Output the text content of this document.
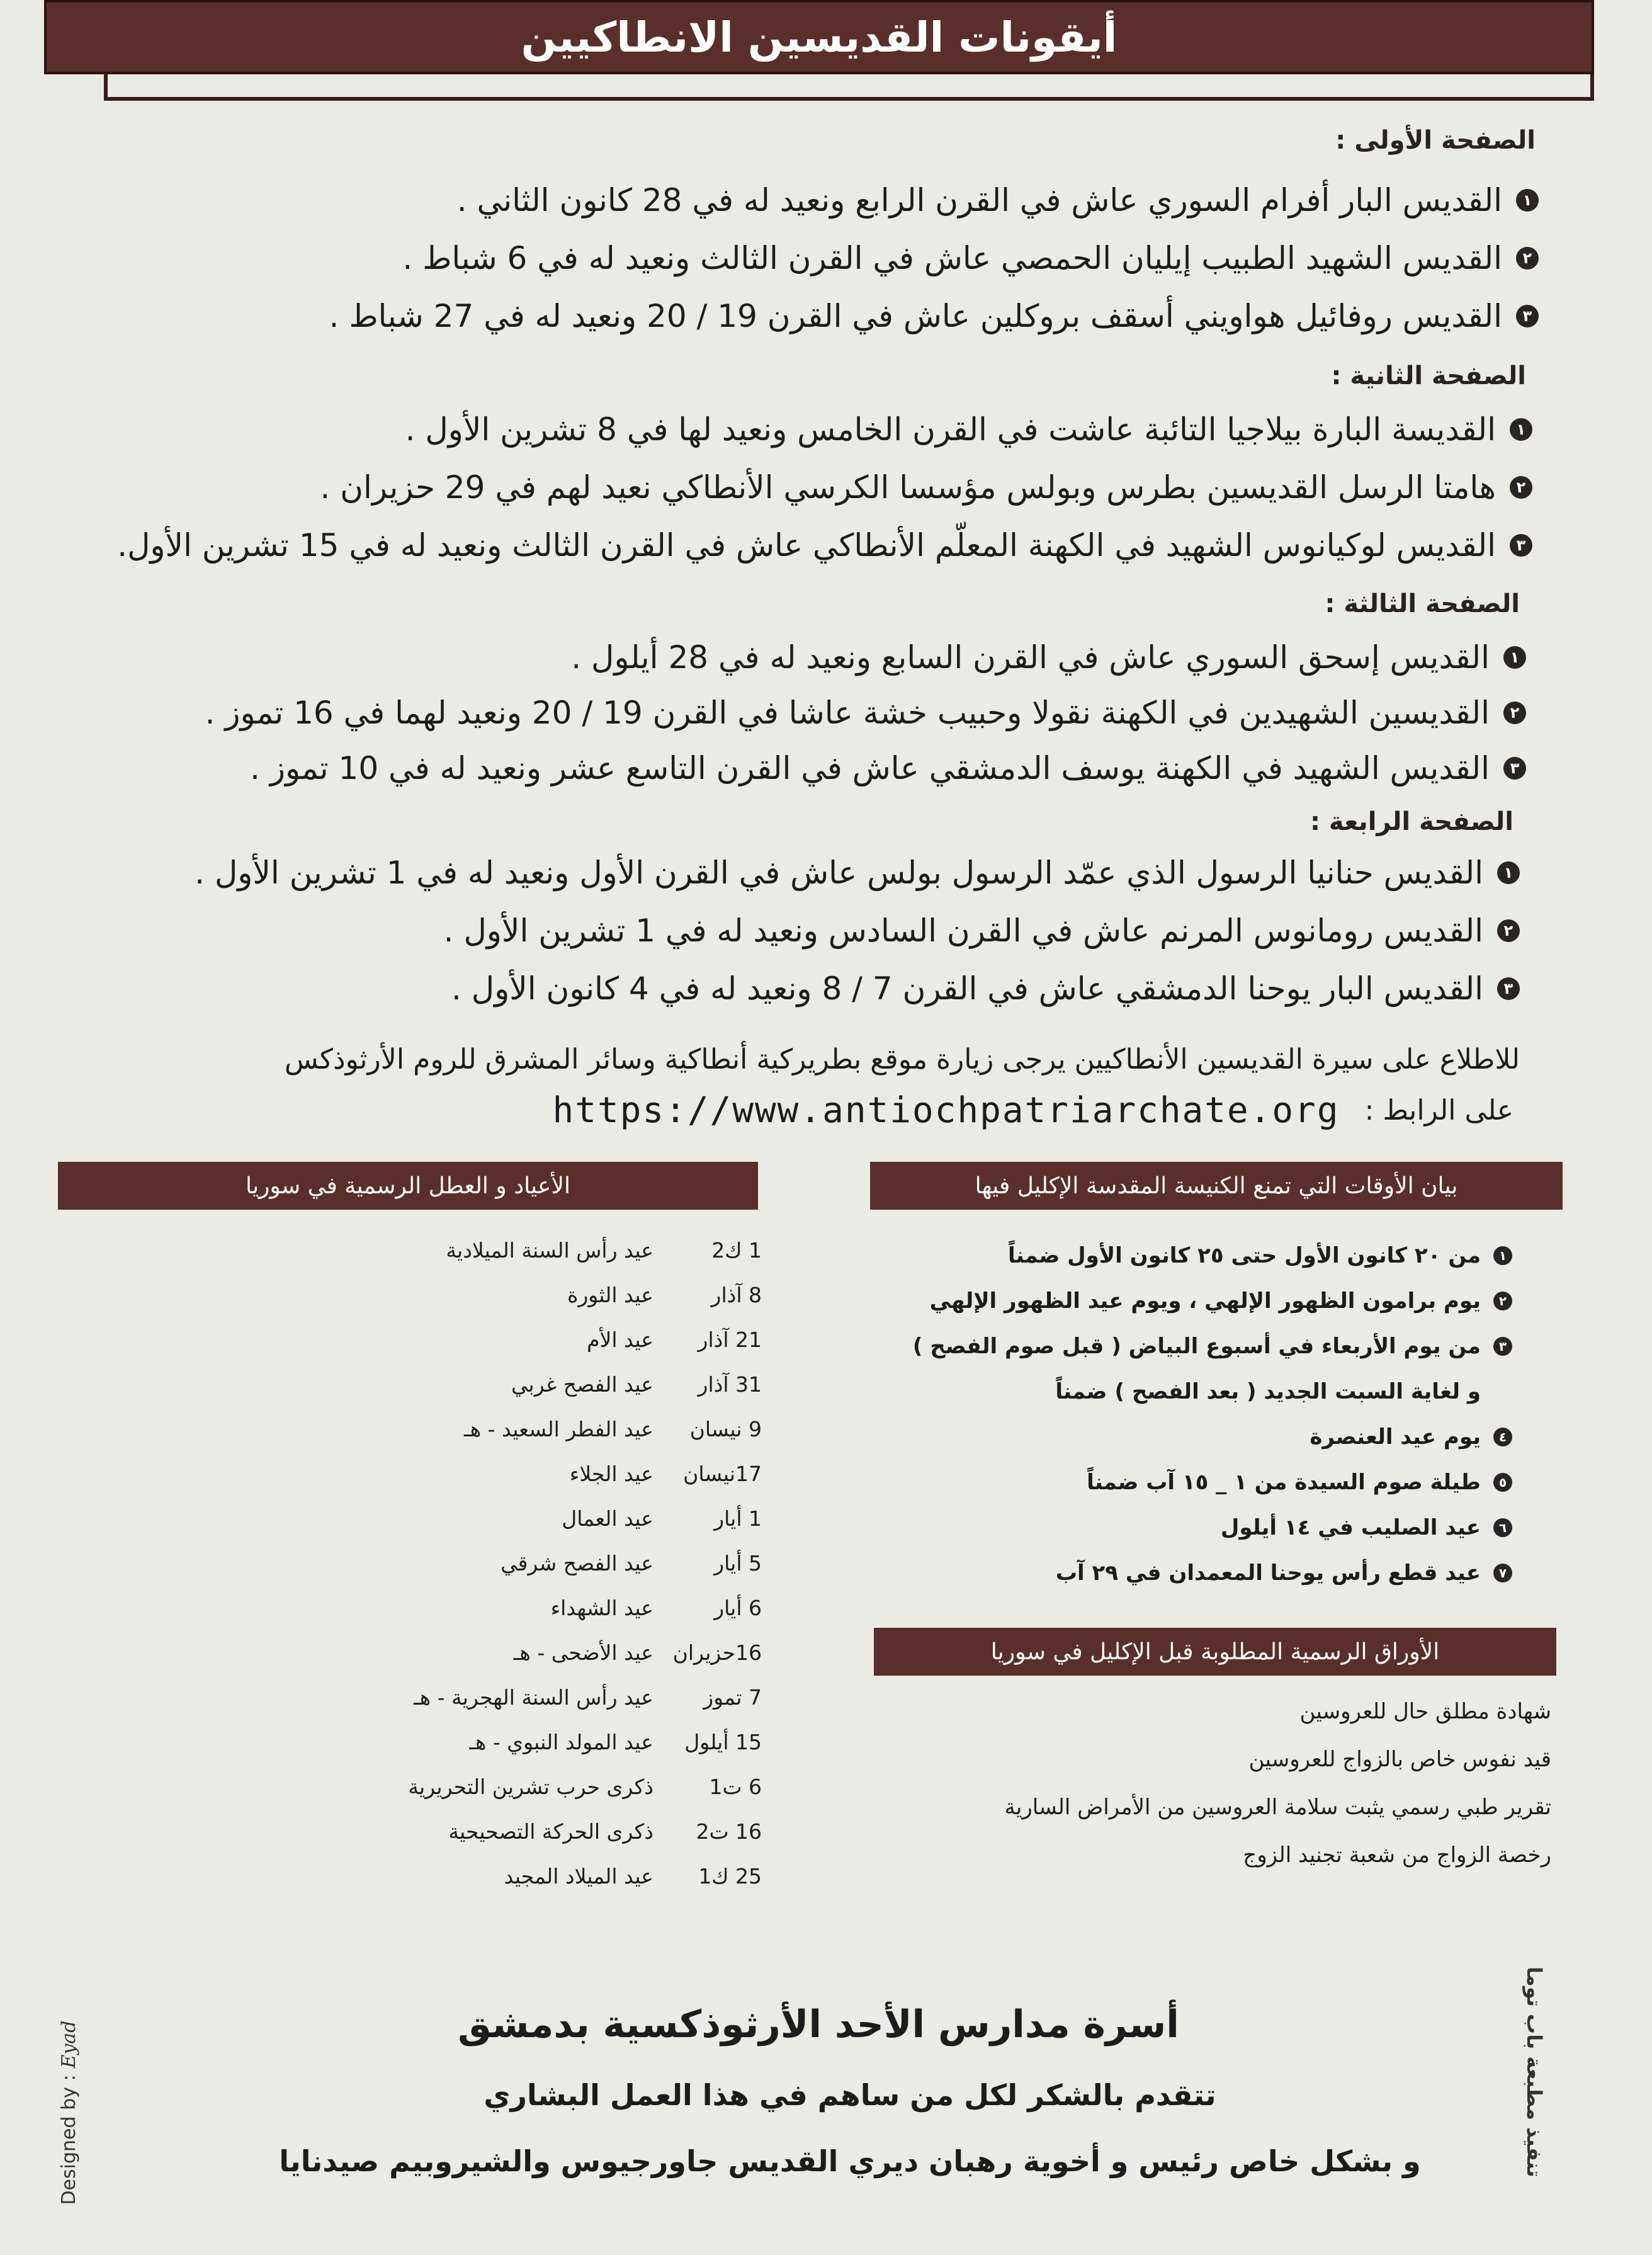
أيقونات القديسين الانطاكيين
الصفحة الأولى :
١
القديس البار أفرام السوري عاش في القرن الرابع ونعيد له في 28 كانون الثاني .
٢
القديس الشهيد الطبيب إيليان الحمصي عاش في القرن الثالث ونعيد له في 6 شباط .
٣
القديس روفائيل هواويني أسقف بروكلين عاش في القرن 19 / 20 ونعيد له في 27 شباط .
الصفحة الثانية :
١
القديسة البارة بيلاجيا التائبة عاشت في القرن الخامس ونعيد لها في 8 تشرين الأول .
٢
هامتا الرسل القديسين بطرس وبولس مؤسسا الكرسي الأنطاكي نعيد لهم في 29 حزيران .
٣
القديس لوكيانوس الشهيد في الكهنة المعلّم الأنطاكي عاش في القرن الثالث ونعيد له في 15 تشرين الأول.
الصفحة الثالثة :
١
القديس إسحق السوري عاش في القرن السابع ونعيد له في 28 أيلول .
٢
القديسين الشهيدين في الكهنة نقولا وحبيب خشة عاشا في القرن 19 / 20 ونعيد لهما في 16 تموز .
٣
القديس الشهيد في الكهنة يوسف الدمشقي عاش في القرن التاسع عشر ونعيد له في 10 تموز .
الصفحة الرابعة :
١
القديس حنانيا الرسول الذي عمّد الرسول بولس عاش في القرن الأول ونعيد له في 1 تشرين الأول .
٢
القديس رومانوس المرنم عاش في القرن السادس ونعيد له في 1 تشرين الأول .
٣
القديس البار يوحنا الدمشقي عاش في القرن 7 / 8 ونعيد له في 4 كانون الأول .
للاطلاع على سيرة القديسين الأنطاكيين يرجى زيارة موقع بطريركية أنطاكية وسائر المشرق للروم الأرثوذكس
على الرابط :
https://www.antiochpatriarchate.org
الأعياد و العطل الرسمية في سوريا
1 ك2
عيد رأس السنة الميلادية
8 آذار
عيد الثورة
21 آذار
عيد الأم
31 آذار
عيد الفصح غربي
9 نيسان
عيد الفطر السعيد - هـ
17نيسان
عيد الجلاء
1 أيار
عيد العمال
5 أيار
عيد الفصح شرقي
6 أيار
عيد الشهداء
16حزيران
عيد الأضحى - هـ
7 تموز
عيد رأس السنة الهجرية - هـ
15 أيلول
عيد المولد النبوي - هـ
6 ت1
ذكرى حرب تشرين التحريرية
16 ت2
ذكرى الحركة التصحيحية
25 ك1
عيد الميلاد المجيد
بيان الأوقات التي تمنع الكنيسة المقدسة الإكليل فيها
١
من ٢٠ كانون الأول حتى ٢٥ كانون الأول ضمناً
٢
يوم برامون الظهور الإلهي ، ويوم عيد الظهور الإلهي
٣
من يوم الأربعاء في أسبوع البياض ( قبل صوم الفصح )
و لغاية السبت الجديد ( بعد الفصح ) ضمناً
٤
يوم عيد العنصرة
٥
طيلة صوم السيدة من ١ _ ١٥ آب ضمناً
٦
عيد الصليب في ١٤ أيلول
٧
عيد قطع رأس يوحنا المعمدان في ٢٩ آب
الأوراق الرسمية المطلوبة قبل الإكليل في سوريا
شهادة مطلق حال للعروسين
قيد نفوس خاص بالزواج للعروسين
تقرير طبي رسمي يثبت سلامة العروسين من الأمراض السارية
رخصة الزواج من شعبة تجنيد الزوج
أسرة مدارس الأحد الأرثوذكسية بدمشق
تتقدم بالشكر لكل من ساهم في هذا العمل البشاري
و بشكل خاص رئيس و أخوية رهبان ديري القديس جاورجيوس والشيروبيم صيدنايا
Designed by : Eyad	تنفيذ مطبعة باب توما
